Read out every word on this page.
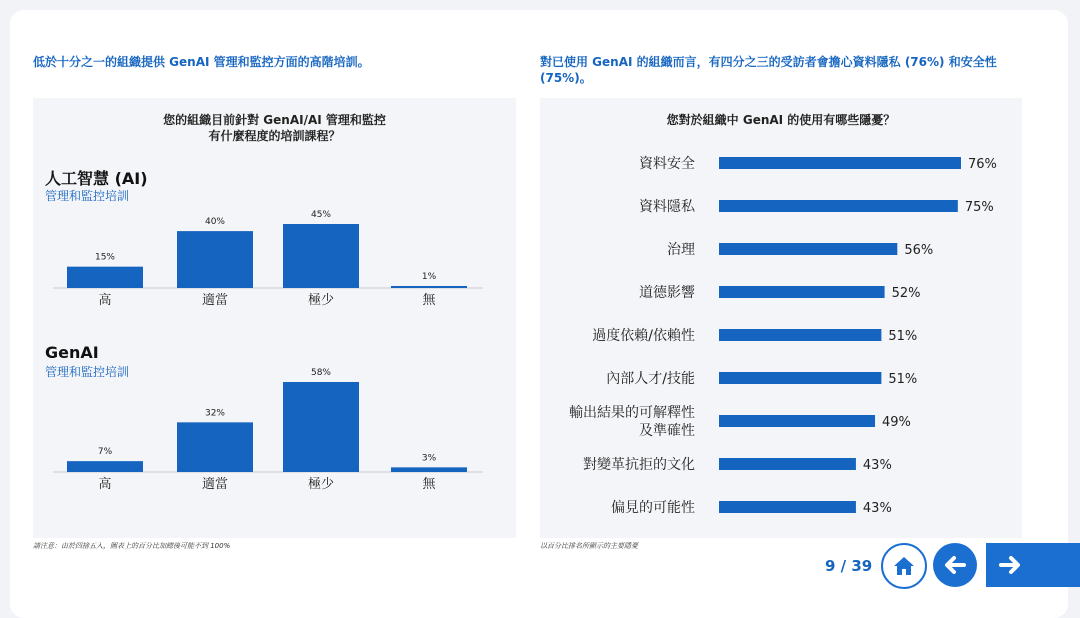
低於十分之一的組織提供 GenAI 管理和監控方面的高階培訓。	對已使用 GenAI 的組織而言，有四分之三的受訪者會擔心資料隱私 (76%) 和安全性
(75%)。
您的組織目前針對 GenAI/AI 管理和監控
有什麼程度的培訓課程？
人工智慧 (AI)
管理和監控培訓
15%
高
40%
適當
45%
極少
1%
無
GenAI
管理和監控培訓
7%
高
32%
適當
58%
極少
3%
無
請注意：由於四捨五入，圖表上的百分比加總後可能不到 100%
您對於組織中 GenAI 的使用有哪些隱憂？
76%
資料安全
75%
資料隱私
56%
治理
52%
道德影響
51%
過度依賴/依賴性
51%
內部人才/技能
49%
輸出結果的可解釋性
及準確性
43%
對變革抗拒的文化
43%
偏見的可能性
以百分比排名所顯示的主要隱憂
9 / 39
